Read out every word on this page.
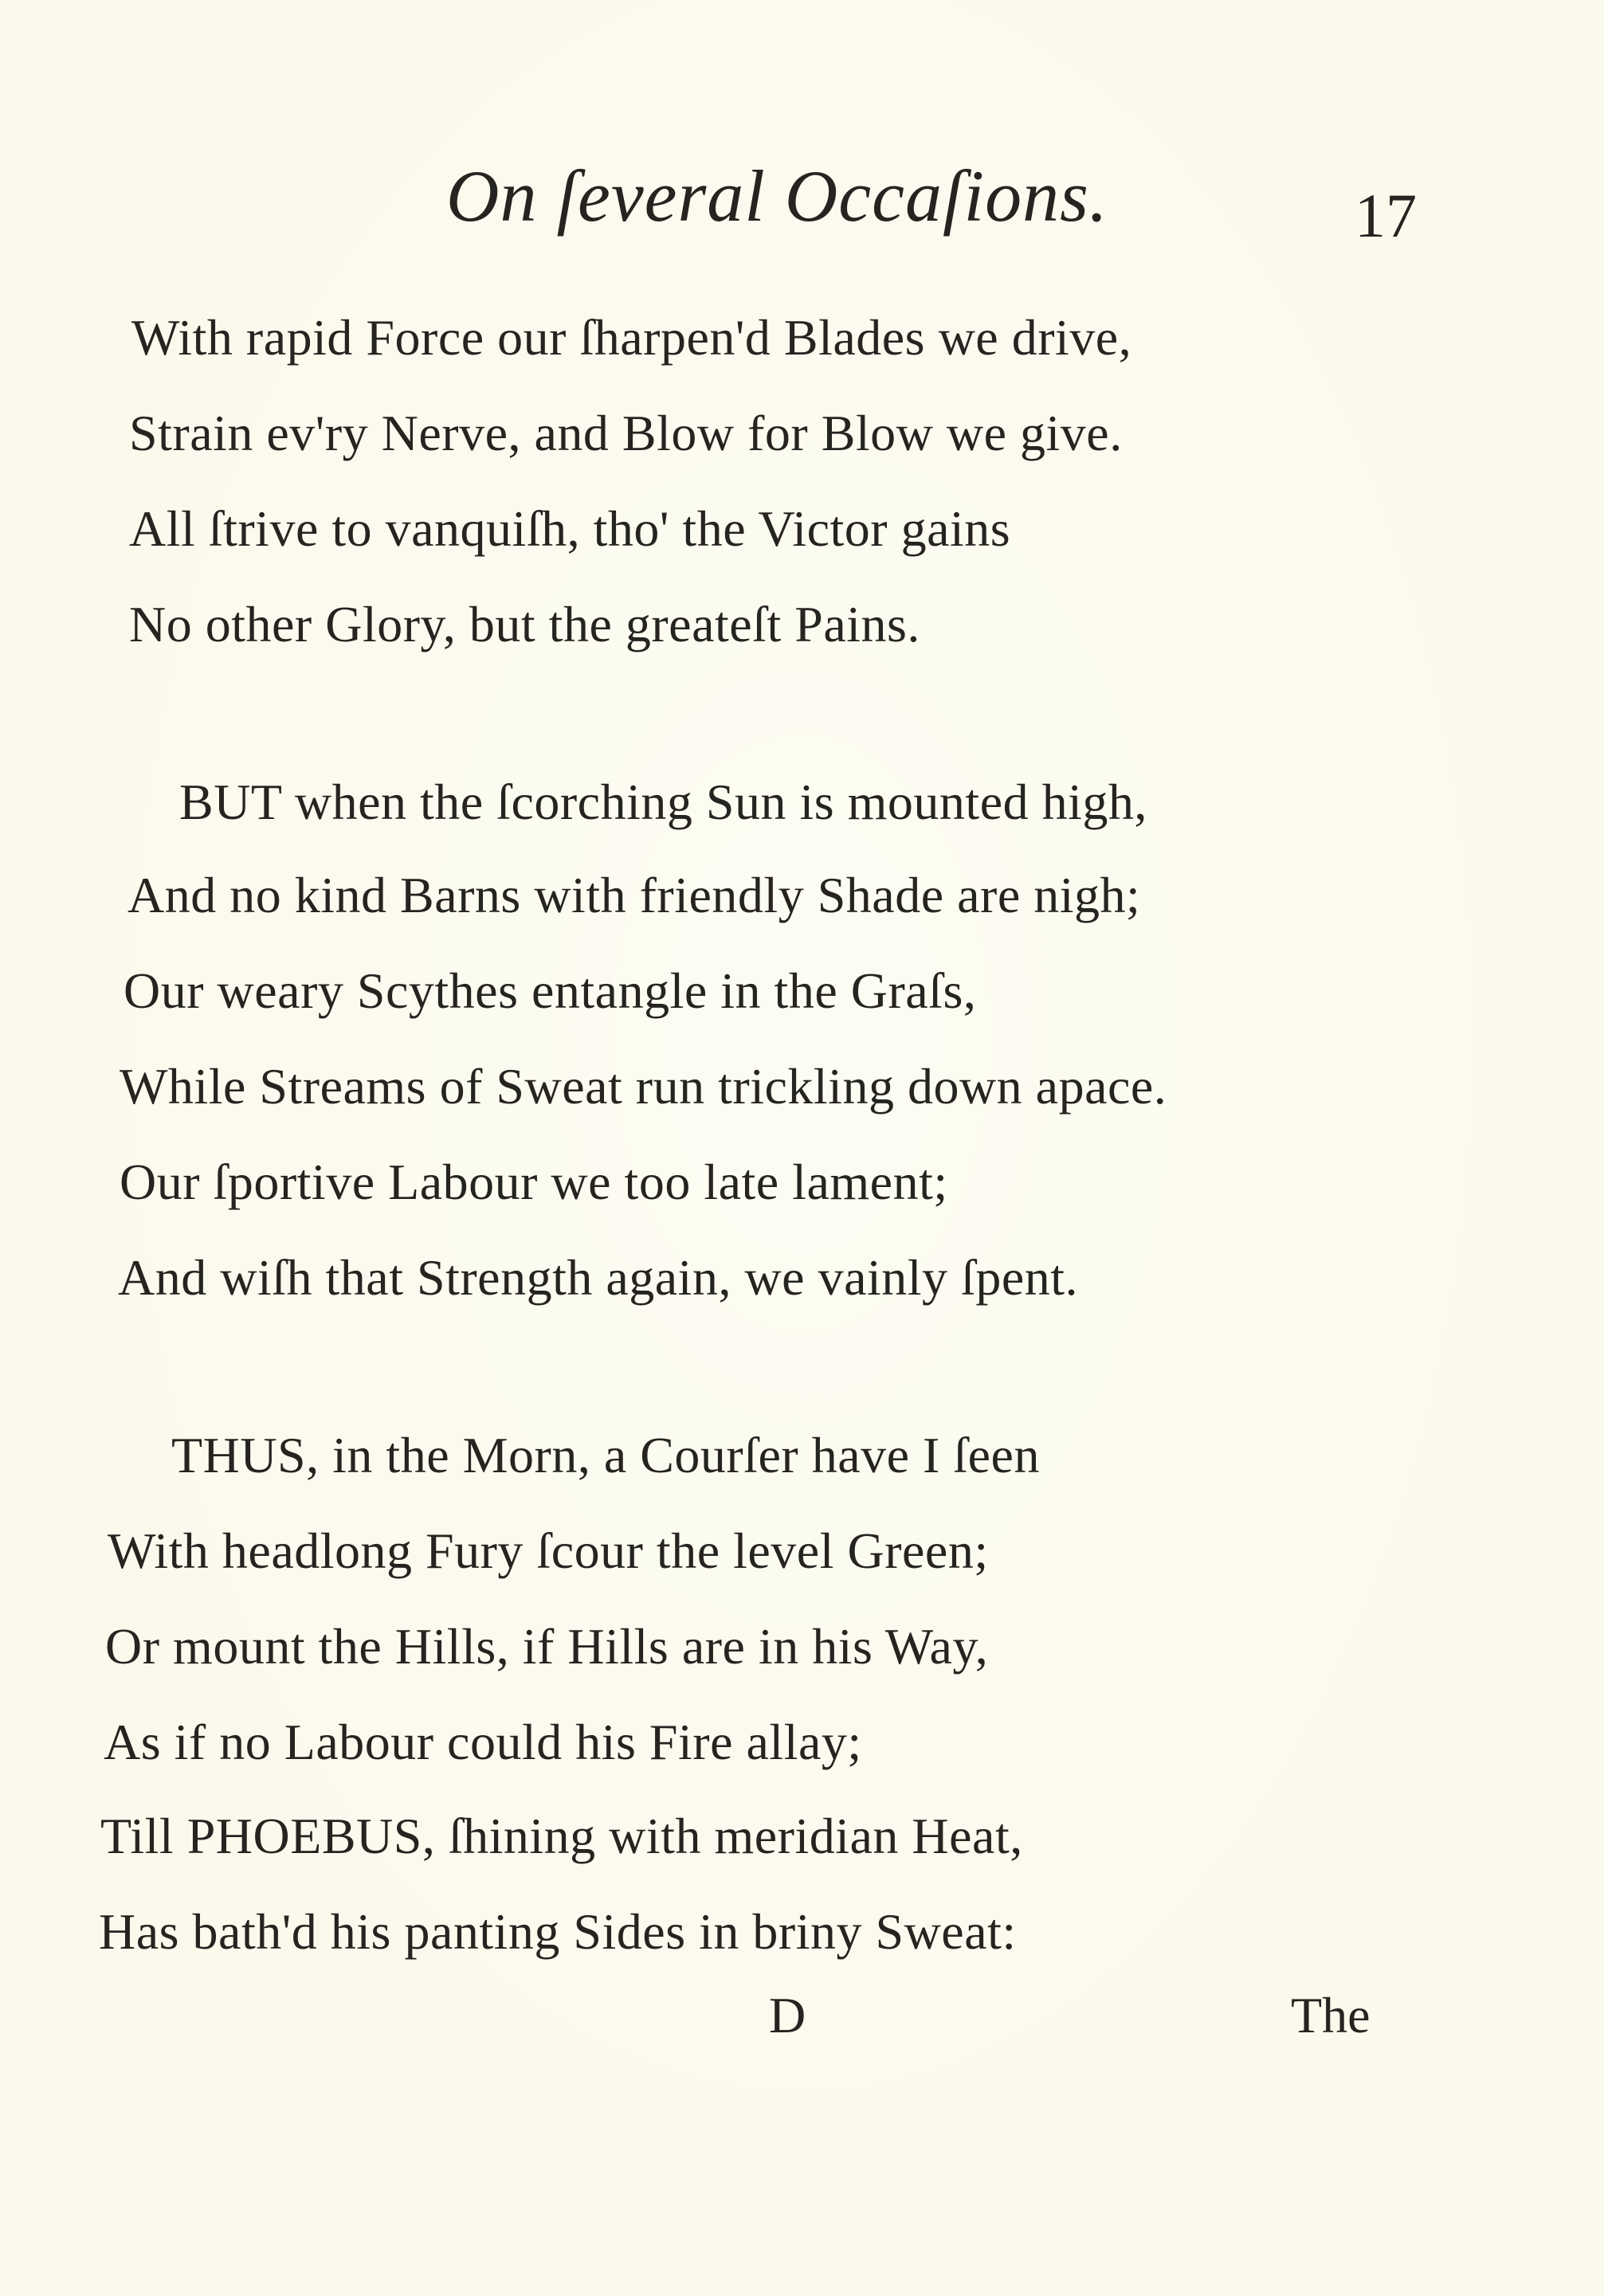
On ſeveral Occaſions.	17
With rapid Force our ſharpen'd Blades we drive,
Strain ev'ry Nerve, and Blow for Blow we give.
All ſtrive to vanquiſh, tho' the Victor gains
No other Glory, but the greateſt Pains.
BUT when the ſcorching Sun is mounted high,
And no kind Barns with friendly Shade are nigh;
Our weary Scythes entangle in the Graſs,
While Streams of Sweat run trickling down apace.
Our ſportive Labour we too late lament;
And wiſh that Strength again, we vainly ſpent.
THUS, in the Morn, a Courſer have I ſeen
With headlong Fury ſcour the level Green;
Or mount the Hills, if Hills are in his Way,
As if no Labour could his Fire allay;
Till PHOEBUS, ſhining with meridian Heat,
Has bath'd his panting Sides in briny Sweat:
D	The
